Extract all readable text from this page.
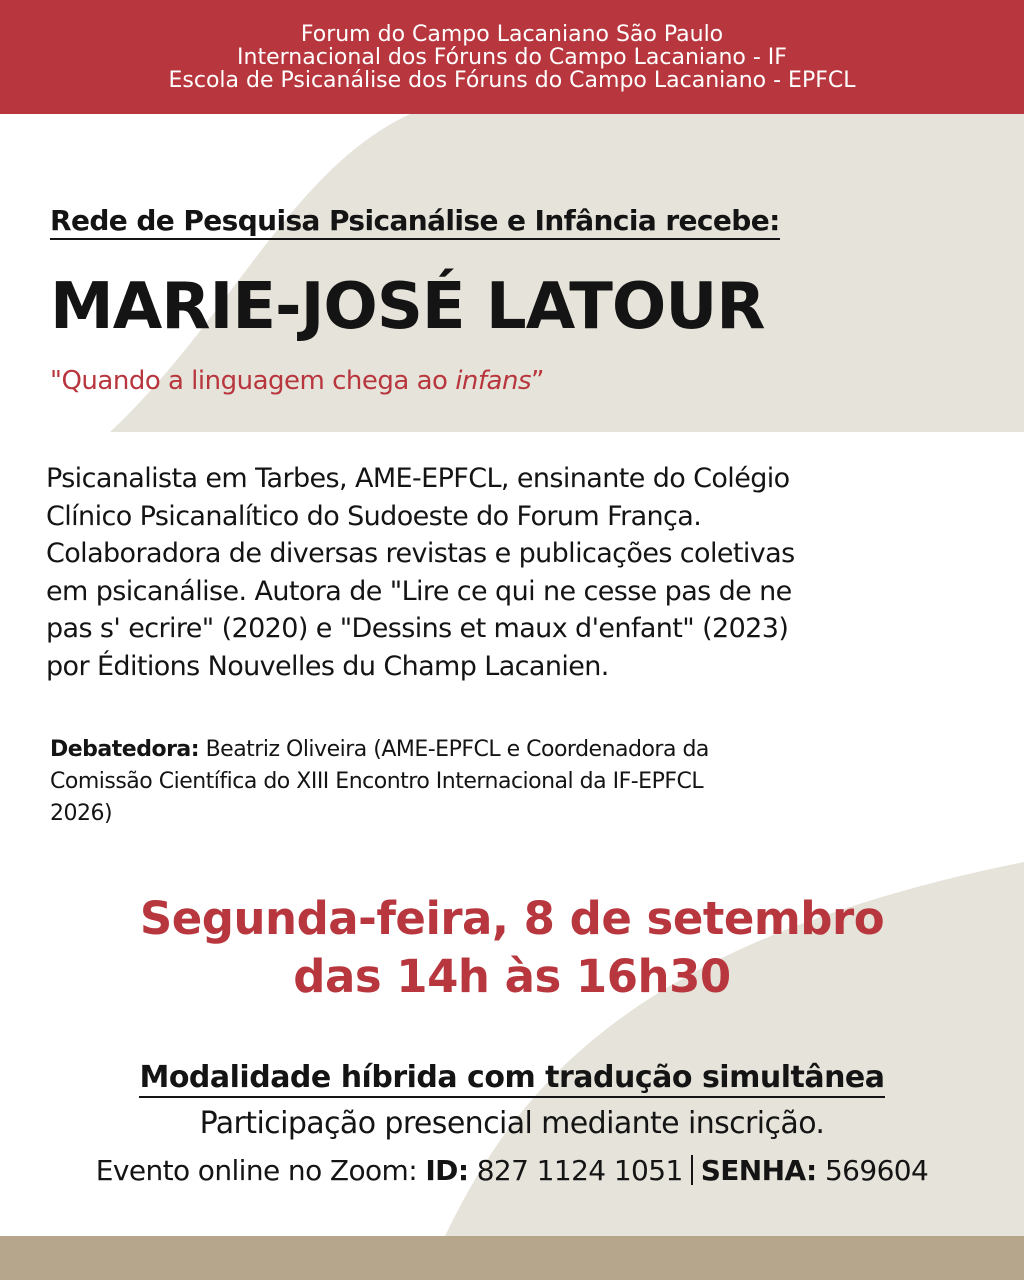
Forum do Campo Lacaniano São Paulo
Internacional dos Fóruns do Campo Lacaniano - IF
Escola de Psicanálise dos Fóruns do Campo Lacaniano - EPFCL
Rede de Pesquisa Psicanálise e Infância recebe:
MARIE-JOSÉ LATOUR
"Quando a linguagem chega ao infans”
Psicanalista em Tarbes, AME-EPFCL, ensinante do Colégio
Clínico Psicanalítico do Sudoeste do Forum França.
Colaboradora de diversas revistas e publicações coletivas
em psicanálise. Autora de "Lire ce qui ne cesse pas de ne
pas s' ecrire" (2020) e "Dessins et maux d'enfant" (2023)
por Éditions Nouvelles du Champ Lacanien.
Debatedora: Beatriz Oliveira (AME-EPFCL e Coordenadora da
Comissão Científica do XIII Encontro Internacional da IF-EPFCL
2026)
Segunda-feira, 8 de setembro
das 14h às 16h30
Modalidade híbrida com tradução simultânea
Participação presencial mediante inscrição.
Evento online no Zoom: ID: 827 1124 1051 SENHA: 569604
